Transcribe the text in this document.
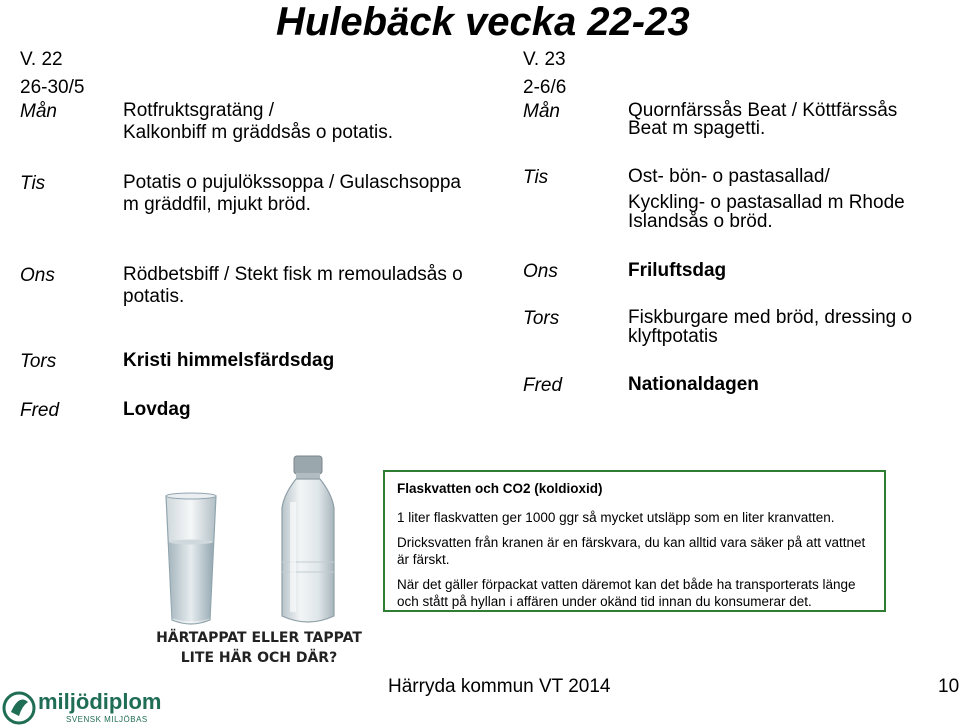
Hulebäck vecka 22-23
V. 22
26-30/5
Mån	Rotfruktsgratäng /
Kalkonbiff m gräddsås o potatis.
Tis	Potatis o pujulökssoppa / Gulaschsoppa
m gräddfil, mjukt bröd.
Ons	Rödbetsbiff / Stekt fisk m remouladsås o
potatis.
Tors	Kristi himmelsfärdsdag
Fred	Lovdag
V. 23
2-6/6
Mån	Quornfärssås Beat / Köttfärssås
Beat m spagetti.
Tis	Ost- bön- o pastasallad/
Kyckling- o pastasallad m Rhode
Islandsås o bröd.
Ons	Friluftsdag
Tors	Fiskburgare med bröd, dressing o
klyftpotatis
Fred	Nationaldagen
HÄRTAPPAT ELLER TAPPAT
LITE HÄR OCH DÄR?

Flaskvatten och CO2 (koldioxid)

1 liter flaskvatten ger 1000 ggr så mycket utsläpp som en liter kranvatten.

Dricksvatten från kranen är en färskvara, du kan alltid vara säker på att vattnet är färskt.

När det gäller förpackat vatten däremot kan det både ha transporterats länge och stått på hyllan i affären under okänd tid innan du konsumerar det.

Härryda kommun VT 2014	10
miljödiplom
SVENSK MILJÖBAS
